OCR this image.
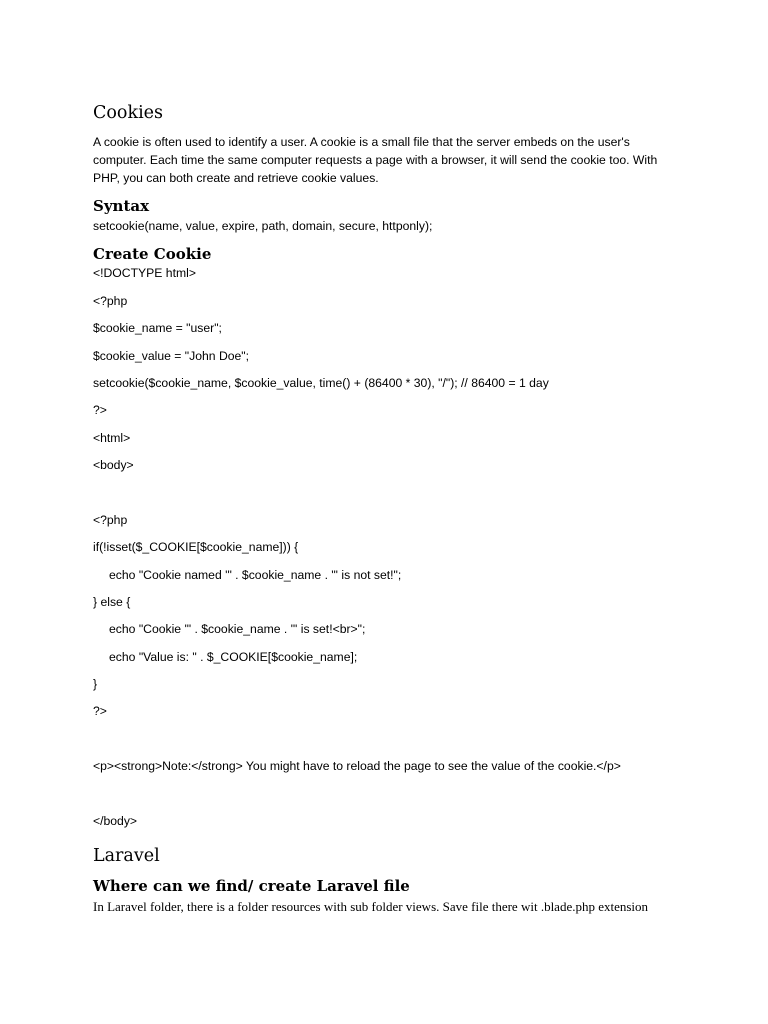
Cookies
A cookie is often used to identify a user. A cookie is a small file that the server embeds on the user's computer. Each time the same computer requests a page with a browser, it will send the cookie too. With PHP, you can both create and retrieve cookie values.
Syntax
setcookie(name, value, expire, path, domain, secure, httponly);
Create Cookie
<!DOCTYPE html>
<?php
$cookie_name = "user";
$cookie_value = "John Doe";
setcookie($cookie_name, $cookie_value, time() + (86400 * 30), "/"); // 86400 = 1 day
?>
<html>
<body>
<?php
if(!isset($_COOKIE[$cookie_name])) {
echo "Cookie named '" . $cookie_name . "' is not set!";
} else {
echo "Cookie '" . $cookie_name . "' is set!<br>";
echo "Value is: " . $_COOKIE[$cookie_name];
}
?>
<p><strong>Note:</strong> You might have to reload the page to see the value of the cookie.</p>
</body>
Laravel
Where can we find/ create Laravel file
In Laravel folder, there is a folder resources with sub folder views. Save file there wit .blade.php extension
